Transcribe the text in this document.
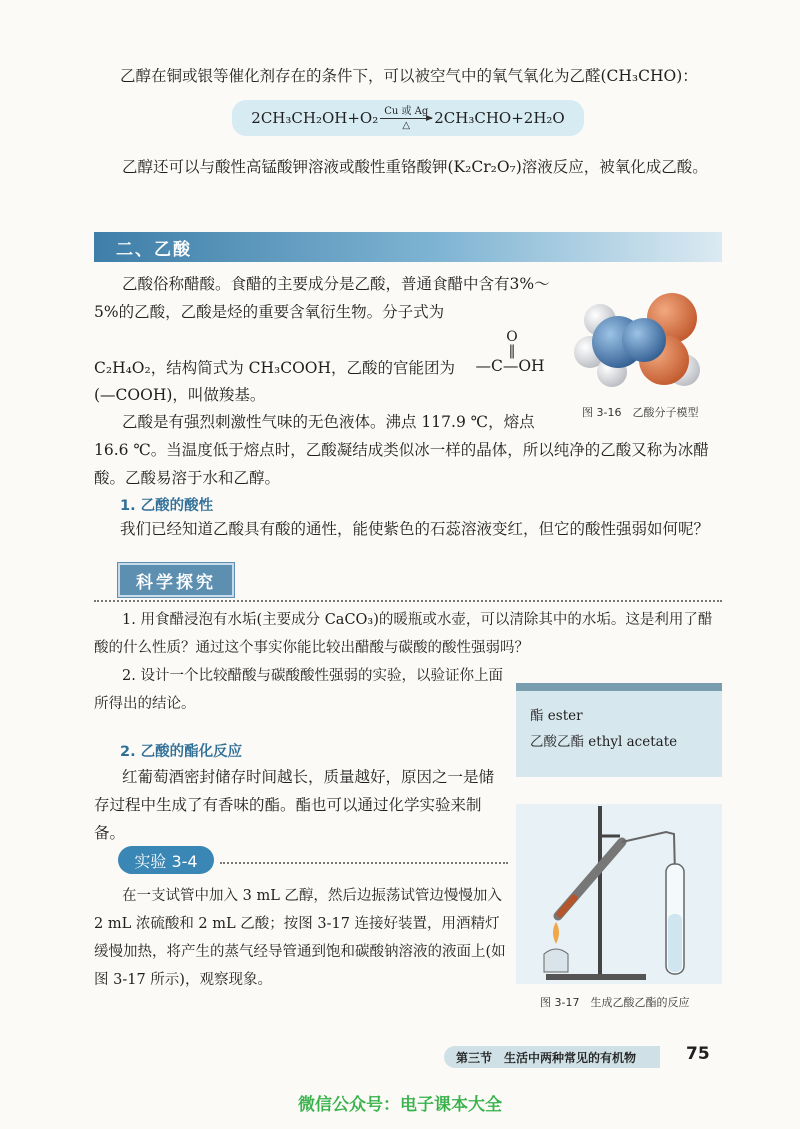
乙醇在铜或银等催化剂存在的条件下，可以被空气中的氧气氧化为乙醛(CH₃CHO)：

2CH₃CH₂OH+O₂ Cu 或 Ag
△ 2CH₃CHO+2H₂O

乙醇还可以与酸性高锰酸钾溶液或酸性重铬酸钾(K₂Cr₂O₇)溶液反应，被氧化成乙酸。

二、乙酸

乙酸俗称醋酸。食醋的主要成分是乙酸，普通食醋中含有3%～5%的乙酸，乙酸是烃的重要含氧衍生物。分子式为

C₂H₄O₂，结构简式为 CH₃COOH，乙酸的官能团为

O
‖
—C—OH

(—COOH)，叫做羧基。

图 3-16　乙酸分子模型

乙酸是有强烈刺激性气味的无色液体。沸点 117.9 ℃，熔点

16.6 ℃。当温度低于熔点时，乙酸凝结成类似冰一样的晶体，所以纯净的乙酸又称为冰醋酸。乙酸易溶于水和乙醇。

1. 乙酸的酸性

我们已经知道乙酸具有酸的通性，能使紫色的石蕊溶液变红，但它的酸性强弱如何呢？

科学探究

1. 用食醋浸泡有水垢(主要成分 CaCO₃)的暖瓶或水壶，可以清除其中的水垢。这是利用了醋酸的什么性质？通过这个事实你能比较出醋酸与碳酸的酸性强弱吗？

2. 设计一个比较醋酸与碳酸酸性强弱的实验，以验证你上面所得出的结论。

酯 ester
乙酸乙酯 ethyl acetate
2. 乙酸的酯化反应

红葡萄酒密封储存时间越长，质量越好，原因之一是储存过程中生成了有香味的酯。酯也可以通过化学实验来制备。

实验 3-4

在一支试管中加入 3 mL 乙醇，然后边振荡试管边慢慢加入 2 mL 浓硫酸和 2 mL 乙酸；按图 3-17 连接好装置，用酒精灯缓慢加热，将产生的蒸气经导管通到饱和碳酸钠溶液的液面上(如图 3-17 所示)，观察现象。

图 3-17　生成乙酸乙酯的反应
第三节　生活中两种常见的有机物	75
微信公众号：电子课本大全
